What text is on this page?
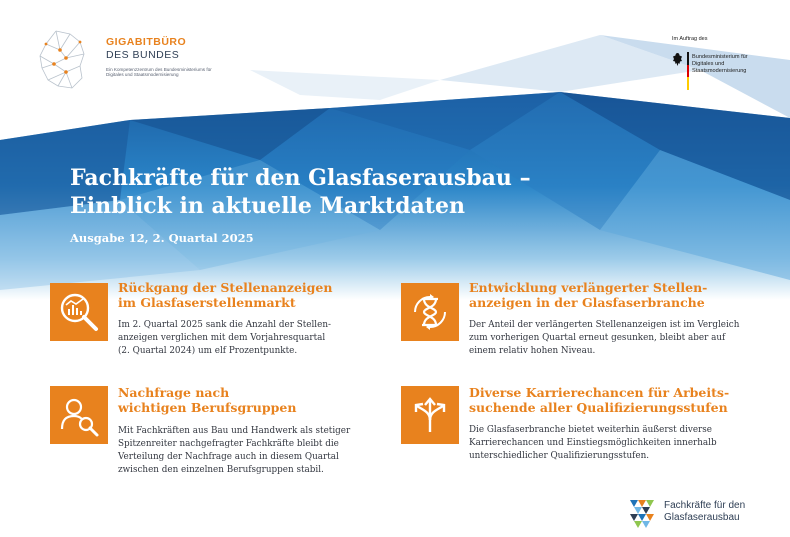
GIGABITBÜRO
DES BUNDES
Ein Kompetenzzentrum des Bundesministeriums für Digitales und Staatsmodernisierung
Im Auftrag des
Bundesministerium für Digitales und Staatsmodernisierung
Fachkräfte für den Glasfaserausbau –
Einblick in aktuelle Marktdaten
Ausgabe 12, 2. Quartal 2025
Rückgang der Stellenanzeigen
im Glasfaserstellenmarkt
Im 2. Quartal 2025 sank die Anzahl der Stellen-
anzeigen verglichen mit dem Vorjahresquartal
(2. Quartal 2024) um elf Prozentpunkte.
Entwicklung verlängerter Stellen-
anzeigen in der Glasfaserbranche
Der Anteil der verlängerten Stellenanzeigen ist im Vergleich
zum vorherigen Quartal erneut gesunken, bleibt aber auf
einem relativ hohen Niveau.
Nachfrage nach
wichtigen Berufsgruppen
Mit Fachkräften aus Bau und Handwerk als stetiger
Spitzenreiter nachgefragter Fachkräfte bleibt die
Verteilung der Nachfrage auch in diesem Quartal
zwischen den einzelnen Berufsgruppen stabil.
Diverse Karrierechancen für Arbeits-
suchende aller Qualifizierungsstufen
Die Glasfaserbranche bietet weiterhin äußerst diverse
Karrierechancen und Einstiegsmöglichkeiten innerhalb
unterschiedlicher Qualifizierungsstufen.
Fachkräfte für den
Glasfaserausbau
